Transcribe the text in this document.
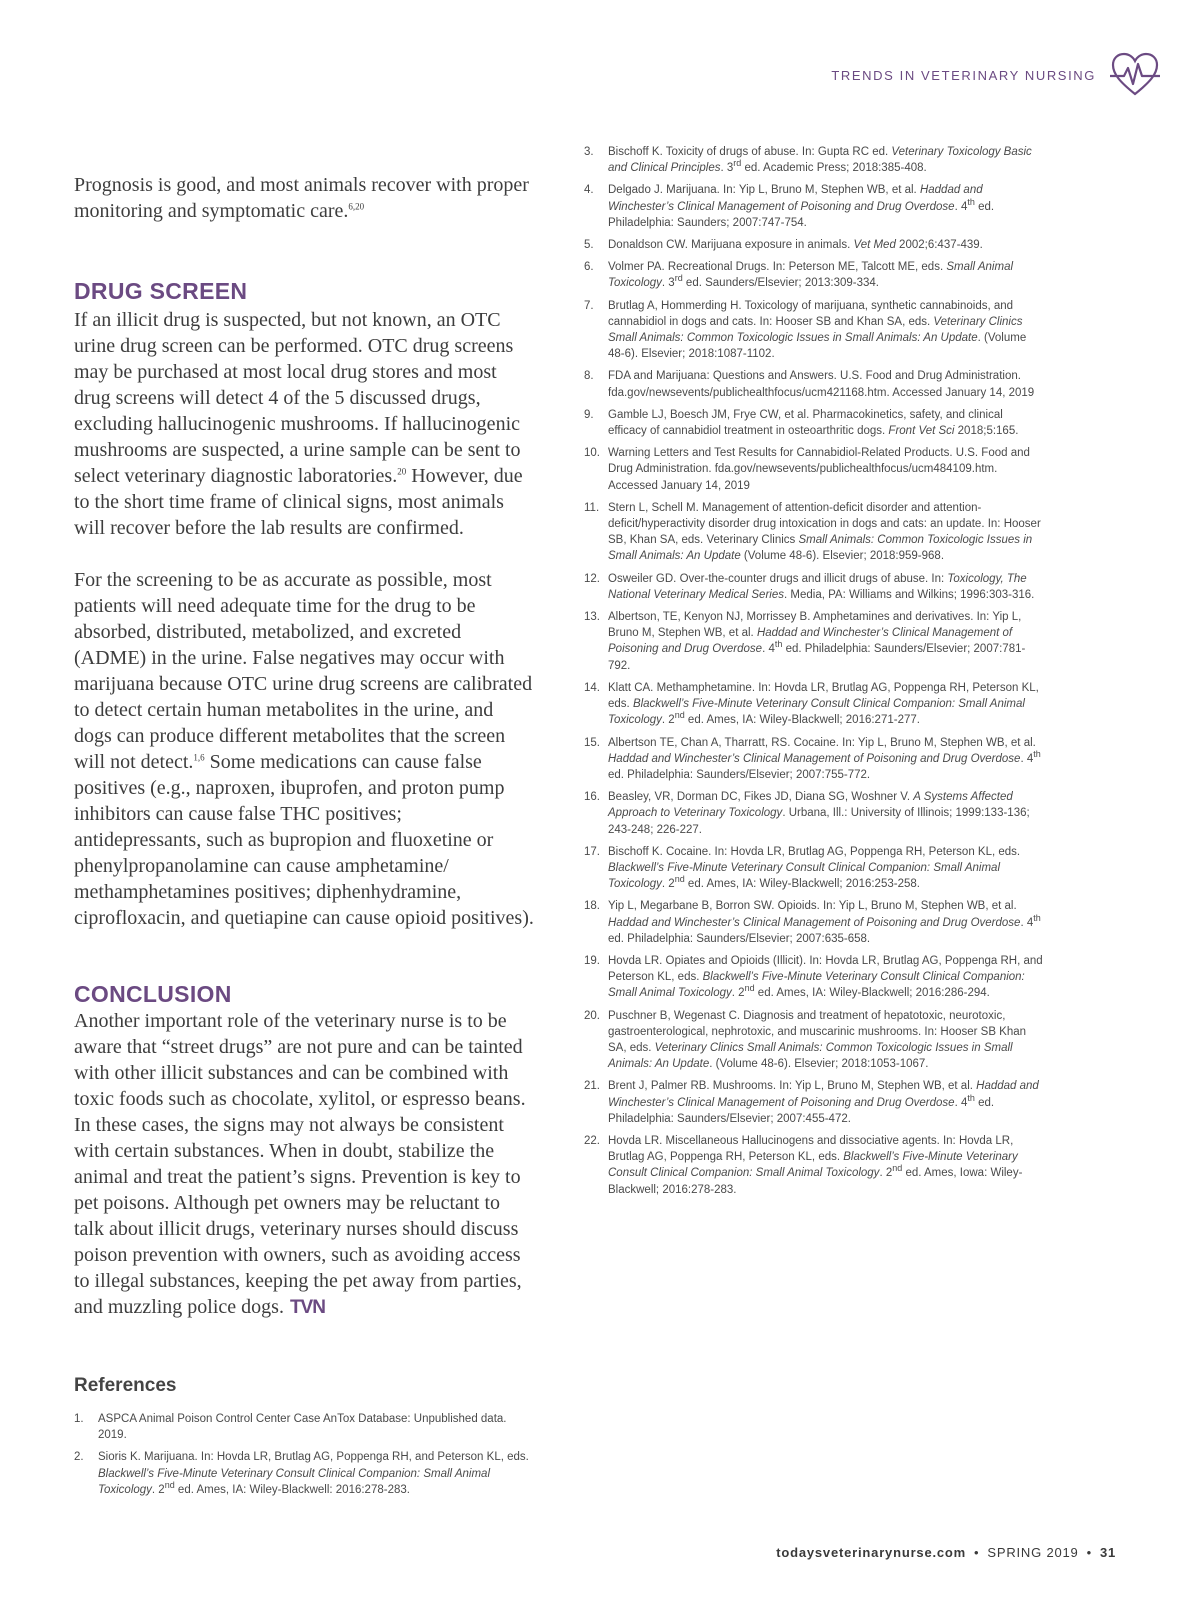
TRENDS IN VETERINARY NURSING

Prognosis is good, and most animals recover with proper monitoring and symptomatic care.$^{6,20}$

DRUG SCREEN
If an illicit drug is suspected, but not known, an OTC urine drug screen can be performed. OTC drug screens may be purchased at most local drug stores and most drug screens will detect 4 of the 5 discussed drugs, excluding hallucinogenic mushrooms. If hallucinogenic mushrooms are suspected, a urine sample can be sent to select veterinary diagnostic laboratories.$^{20}$ However, due to the short time frame of clinical signs, most animals will recover before the lab results are confirmed.
For the screening to be as accurate as possible, most patients will need adequate time for the drug to be absorbed, distributed, metabolized, and excreted (ADME) in the urine. False negatives may occur with marijuana because OTC urine drug screens are calibrated to detect certain human metabolites in the urine, and dogs can produce different metabolites that the screen will not detect.$^{1,6}$ Some medications can cause false positives (e.g., naproxen, ibuprofen, and proton pump inhibitors can cause false THC positives; antidepressants, such as bupropion and fluoxetine or phenylpropanolamine can cause amphetamine/ methamphetamines positives; diphenhydramine, ciprofloxacin, and quetiapine can cause opioid positives).
CONCLUSION
Another important role of the veterinary nurse is to be aware that “street drugs” are not pure and can be tainted with other illicit substances and can be combined with toxic foods such as chocolate, xylitol, or espresso beans. In these cases, the signs may not always be consistent with certain substances. When in doubt, stabilize the animal and treat the patient’s signs. Prevention is key to pet poisons. Although pet owners may be reluctant to talk about illicit drugs, veterinary nurses should discuss poison prevention with owners, such as avoiding access to illegal substances, keeping the pet away from parties, and muzzling police dogs. TVN
References
1.	ASPCA Animal Poison Control Center Case AnTox Database: Unpublished data. 2019.
2.	Sioris K. Marijuana. In: Hovda LR, Brutlag AG, Poppenga RH, and Peterson KL, eds. Blackwell’s Five-Minute Veterinary Consult Clinical Companion: Small Animal Toxicology. 2nd ed. Ames, IA: Wiley-Blackwell: 2016:278-283.
3.	Bischoff K. Toxicity of drugs of abuse. In: Gupta RC ed. Veterinary Toxicology Basic and Clinical Principles. 3rd ed. Academic Press; 2018:385-408.
4.	Delgado J. Marijuana. In: Yip L, Bruno M, Stephen WB, et al. Haddad and Winchester’s Clinical Management of Poisoning and Drug Overdose. 4th ed. Philadelphia: Saunders; 2007:747-754.
5.	Donaldson CW. Marijuana exposure in animals. Vet Med 2002;6:437-439.
6.	Volmer PA. Recreational Drugs. In: Peterson ME, Talcott ME, eds. Small Animal Toxicology. 3rd ed. Saunders/Elsevier; 2013:309-334.
7.	Brutlag A, Hommerding H. Toxicology of marijuana, synthetic cannabinoids, and cannabidiol in dogs and cats. In: Hooser SB and Khan SA, eds. Veterinary Clinics Small Animals: Common Toxicologic Issues in Small Animals: An Update. (Volume 48-6). Elsevier; 2018:1087-1102.
8.	FDA and Marijuana: Questions and Answers. U.S. Food and Drug Administration. fda.gov/newsevents/publichealthfocus/ucm421168.htm. Accessed January 14, 2019
9.	Gamble LJ, Boesch JM, Frye CW, et al. Pharmacokinetics, safety, and clinical efficacy of cannabidiol treatment in osteoarthritic dogs. Front Vet Sci 2018;5:165.
10. Warning Letters and Test Results for Cannabidiol-Related Products. U.S. Food and Drug Administration. fda.gov/newsevents/publichealthfocus/ucm484109.htm. Accessed January 14, 2019
11. Stern L, Schell M. Management of attention-deficit disorder and attention-deficit/hyperactivity disorder drug intoxication in dogs and cats: an update. In: Hooser SB, Khan SA, eds. Veterinary Clinics Small Animals: Common Toxicologic Issues in Small Animals: An Update (Volume 48-6). Elsevier; 2018:959-968.
12. Osweiler GD. Over-the-counter drugs and illicit drugs of abuse. In: Toxicology, The National Veterinary Medical Series. Media, PA: Williams and Wilkins; 1996:303-316.
13. Albertson, TE, Kenyon NJ, Morrissey B. Amphetamines and derivatives. In: Yip L, Bruno M, Stephen WB, et al. Haddad and Winchester’s Clinical Management of Poisoning and Drug Overdose. 4th ed. Philadelphia: Saunders/Elsevier; 2007:781-792.
14. Klatt CA. Methamphetamine. In: Hovda LR, Brutlag AG, Poppenga RH, Peterson KL, eds. Blackwell’s Five-Minute Veterinary Consult Clinical Companion: Small Animal Toxicology. 2nd ed. Ames, IA: Wiley-Blackwell; 2016:271-277.
15. Albertson TE, Chan A, Tharratt, RS. Cocaine. In: Yip L, Bruno M, Stephen WB, et al. Haddad and Winchester’s Clinical Management of Poisoning and Drug Overdose. 4th ed. Philadelphia: Saunders/Elsevier; 2007:755-772.
16. Beasley, VR, Dorman DC, Fikes JD, Diana SG, Woshner V. A Systems Affected Approach to Veterinary Toxicology. Urbana, Ill.: University of Illinois; 1999:133-136; 243-248; 226-227.
17. Bischoff K. Cocaine. In: Hovda LR, Brutlag AG, Poppenga RH, Peterson KL, eds. Blackwell’s Five-Minute Veterinary Consult Clinical Companion: Small Animal Toxicology. 2nd ed. Ames, IA: Wiley-Blackwell; 2016:253-258.
18. Yip L, Megarbane B, Borron SW. Opioids. In: Yip L, Bruno M, Stephen WB, et al. Haddad and Winchester’s Clinical Management of Poisoning and Drug Overdose. 4th ed. Philadelphia: Saunders/Elsevier; 2007:635-658.
19. Hovda LR. Opiates and Opioids (Illicit). In: Hovda LR, Brutlag AG, Poppenga RH, and Peterson KL, eds. Blackwell’s Five-Minute Veterinary Consult Clinical Companion: Small Animal Toxicology. 2nd ed. Ames, IA: Wiley-Blackwell; 2016:286-294.
20. Puschner B, Wegenast C. Diagnosis and treatment of hepatotoxic, neurotoxic, gastroenterological, nephrotoxic, and muscarinic mushrooms. In: Hooser SB Khan SA, eds. Veterinary Clinics Small Animals: Common Toxicologic Issues in Small Animals: An Update. (Volume 48-6). Elsevier; 2018:1053-1067.
21. Brent J, Palmer RB. Mushrooms. In: Yip L, Bruno M, Stephen WB, et al. Haddad and Winchester’s Clinical Management of Poisoning and Drug Overdose. 4th ed. Philadelphia: Saunders/Elsevier; 2007:455-472.
22. Hovda LR. Miscellaneous Hallucinogens and dissociative agents. In: Hovda LR, Brutlag AG, Poppenga RH, Peterson KL, eds. Blackwell’s Five-Minute Veterinary Consult Clinical Companion: Small Animal Toxicology. 2nd ed. Ames, Iowa: Wiley-Blackwell; 2016:278-283.
todaysveterinarynurse.com • SPRING 2019 • 31
